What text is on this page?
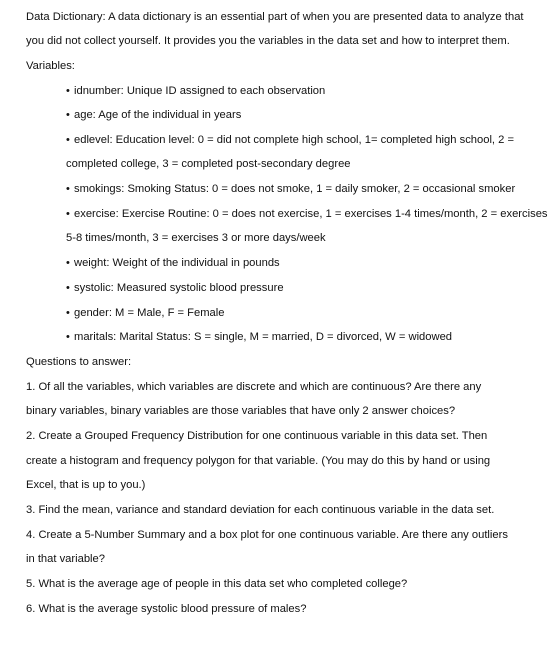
Data Dictionary: A data dictionary is an essential part of when you are presented data to analyze that
you did not collect yourself. It provides you the variables in the data set and how to interpret them.
Variables:
• idnumber: Unique ID assigned to each observation
• age: Age of the individual in years
• edlevel: Education level: 0 = did not complete high school, 1= completed high school, 2 =
completed college, 3 = completed post-secondary degree
• smokings: Smoking Status: 0 = does not smoke, 1 = daily smoker, 2 = occasional smoker
• exercise: Exercise Routine: 0 = does not exercise, 1 = exercises 1-4 times/month, 2 = exercises
5-8 times/month, 3 = exercises 3 or more days/week
• weight: Weight of the individual in pounds
• systolic: Measured systolic blood pressure
• gender: M = Male, F = Female
• maritals: Marital Status: S = single, M = married, D = divorced, W = widowed
Questions to answer:
1. Of all the variables, which variables are discrete and which are continuous? Are there any
binary variables, binary variables are those variables that have only 2 answer choices?
2. Create a Grouped Frequency Distribution for one continuous variable in this data set. Then
create a histogram and frequency polygon for that variable. (You may do this by hand or using
Excel, that is up to you.)
3. Find the mean, variance and standard deviation for each continuous variable in the data set.
4. Create a 5-Number Summary and a box plot for one continuous variable. Are there any outliers
in that variable?
5. What is the average age of people in this data set who completed college?
6. What is the average systolic blood pressure of males?
